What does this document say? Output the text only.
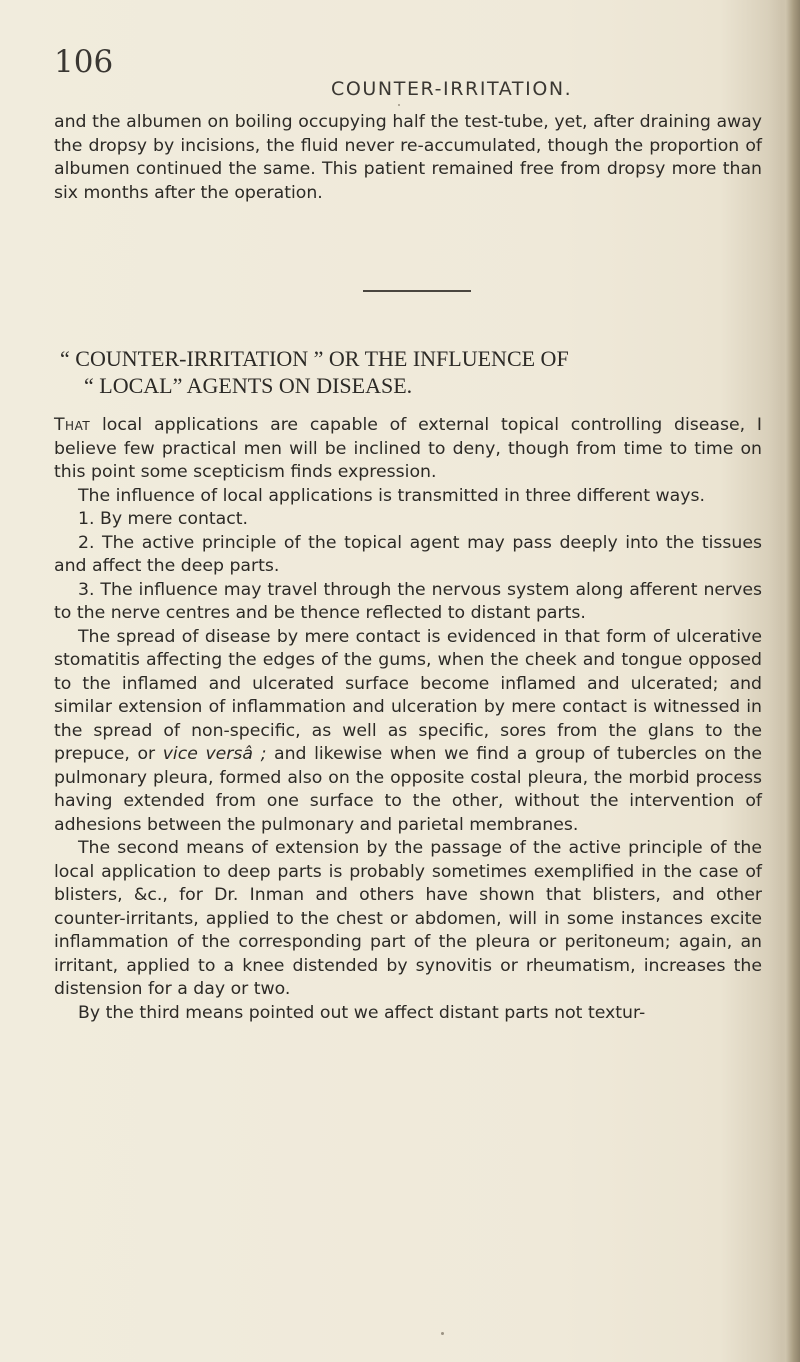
106
COUNTER-IRRITATION.

and the albumen on boiling occupying half the test-tube, yet, after draining away the dropsy by incisions, the fluid never re-accumulated, though the proportion of albumen continued the same. This patient remained free from dropsy more than six months after the operation.

“ COUNTER-IRRITATION ” OR THE INFLUENCE OF
“ LOCAL” AGENTS ON DISEASE.

That local applications are capable of external topical controlling disease, I believe few practical men will be inclined to deny, though from time to time on this point some scepticism finds expression.

The influence of local applications is transmitted in three different ways.

1. By mere contact.

2. The active principle of the topical agent may pass deeply into the tissues and affect the deep parts.

3. The influence may travel through the nervous system along afferent nerves to the nerve centres and be thence reflected to distant parts.

The spread of disease by mere contact is evidenced in that form of ulcerative stomatitis affecting the edges of the gums, when the cheek and tongue opposed to the inflamed and ulcerated surface become inflamed and ulcerated; and similar extension of inflammation and ulceration by mere contact is witnessed in the spread of non-specific, as well as specific, sores from the glans to the prepuce, or vice versâ ; and likewise when we find a group of tubercles on the pulmonary pleura, formed also on the opposite costal pleura, the morbid process having extended from one surface to the other, without the intervention of adhesions between the pulmonary and parietal membranes.

The second means of extension by the passage of the active principle of the local application to deep parts is probably sometimes exemplified in the case of blisters, &c., for Dr. Inman and others have shown that blisters, and other counter-irritants, applied to the chest or abdomen, will in some instances excite inflammation of the corresponding part of the pleura or peritoneum; again, an irritant, applied to a knee distended by synovitis or rheumatism, increases the distension for a day or two.

By the third means pointed out we affect distant parts not textur-
